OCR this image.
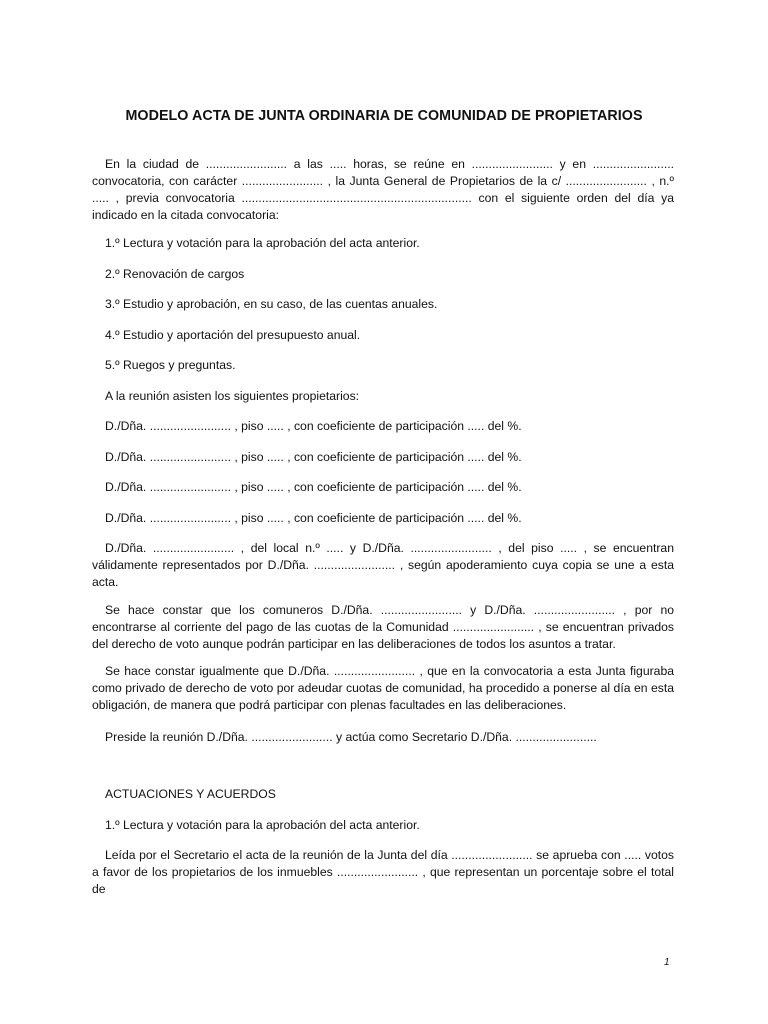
MODELO ACTA DE JUNTA ORDINARIA DE COMUNIDAD DE PROPIETARIOS

En la ciudad de ........................ a las ..... horas, se reúne en ........................ y en ........................ convocatoria, con carácter ........................ , la Junta General de Propietarios de la c/ ........................ , n.º ..... , previa convocatoria .................................................................... con el siguiente orden del día ya indicado en la citada convocatoria:

1.º Lectura y votación para la aprobación del acta anterior.

2.º Renovación de cargos

3.º Estudio y aprobación, en su caso, de las cuentas anuales.

4.º Estudio y aportación del presupuesto anual.

5.º Ruegos y preguntas.

A la reunión asisten los siguientes propietarios:

D./Dña. ........................ , piso ..... , con coeficiente de participación ..... del %.

D./Dña. ........................ , piso ..... , con coeficiente de participación ..... del %.

D./Dña. ........................ , piso ..... , con coeficiente de participación ..... del %.

D./Dña. ........................ , piso ..... , con coeficiente de participación ..... del %.

D./Dña. ........................ , del local n.º ..... y D./Dña. ........................ , del piso ..... , se encuentran válidamente representados por D./Dña. ........................ , según apoderamiento cuya copia se une a esta acta.

Se hace constar que los comuneros D./Dña. ........................ y D./Dña. ........................ , por no encontrarse al corriente del pago de las cuotas de la Comunidad ........................ , se encuentran privados del derecho de voto aunque podrán participar en las deliberaciones de todos los asuntos a tratar.

Se hace constar igualmente que D./Dña. ........................ , que en la convocatoria a esta Junta figuraba como privado de derecho de voto por adeudar cuotas de comunidad, ha procedido a ponerse al día en esta obligación, de manera que podrá participar con plenas facultades en las deliberaciones.

Preside la reunión D./Dña. ........................ y actúa como Secretario D./Dña. ........................

ACTUACIONES Y ACUERDOS

1.º Lectura y votación para la aprobación del acta anterior.

Leída por el Secretario el acta de la reunión de la Junta del día ........................ se aprueba con ..... votos a favor de los propietarios de los inmuebles ........................ , que representan un porcentaje sobre el total de

1
